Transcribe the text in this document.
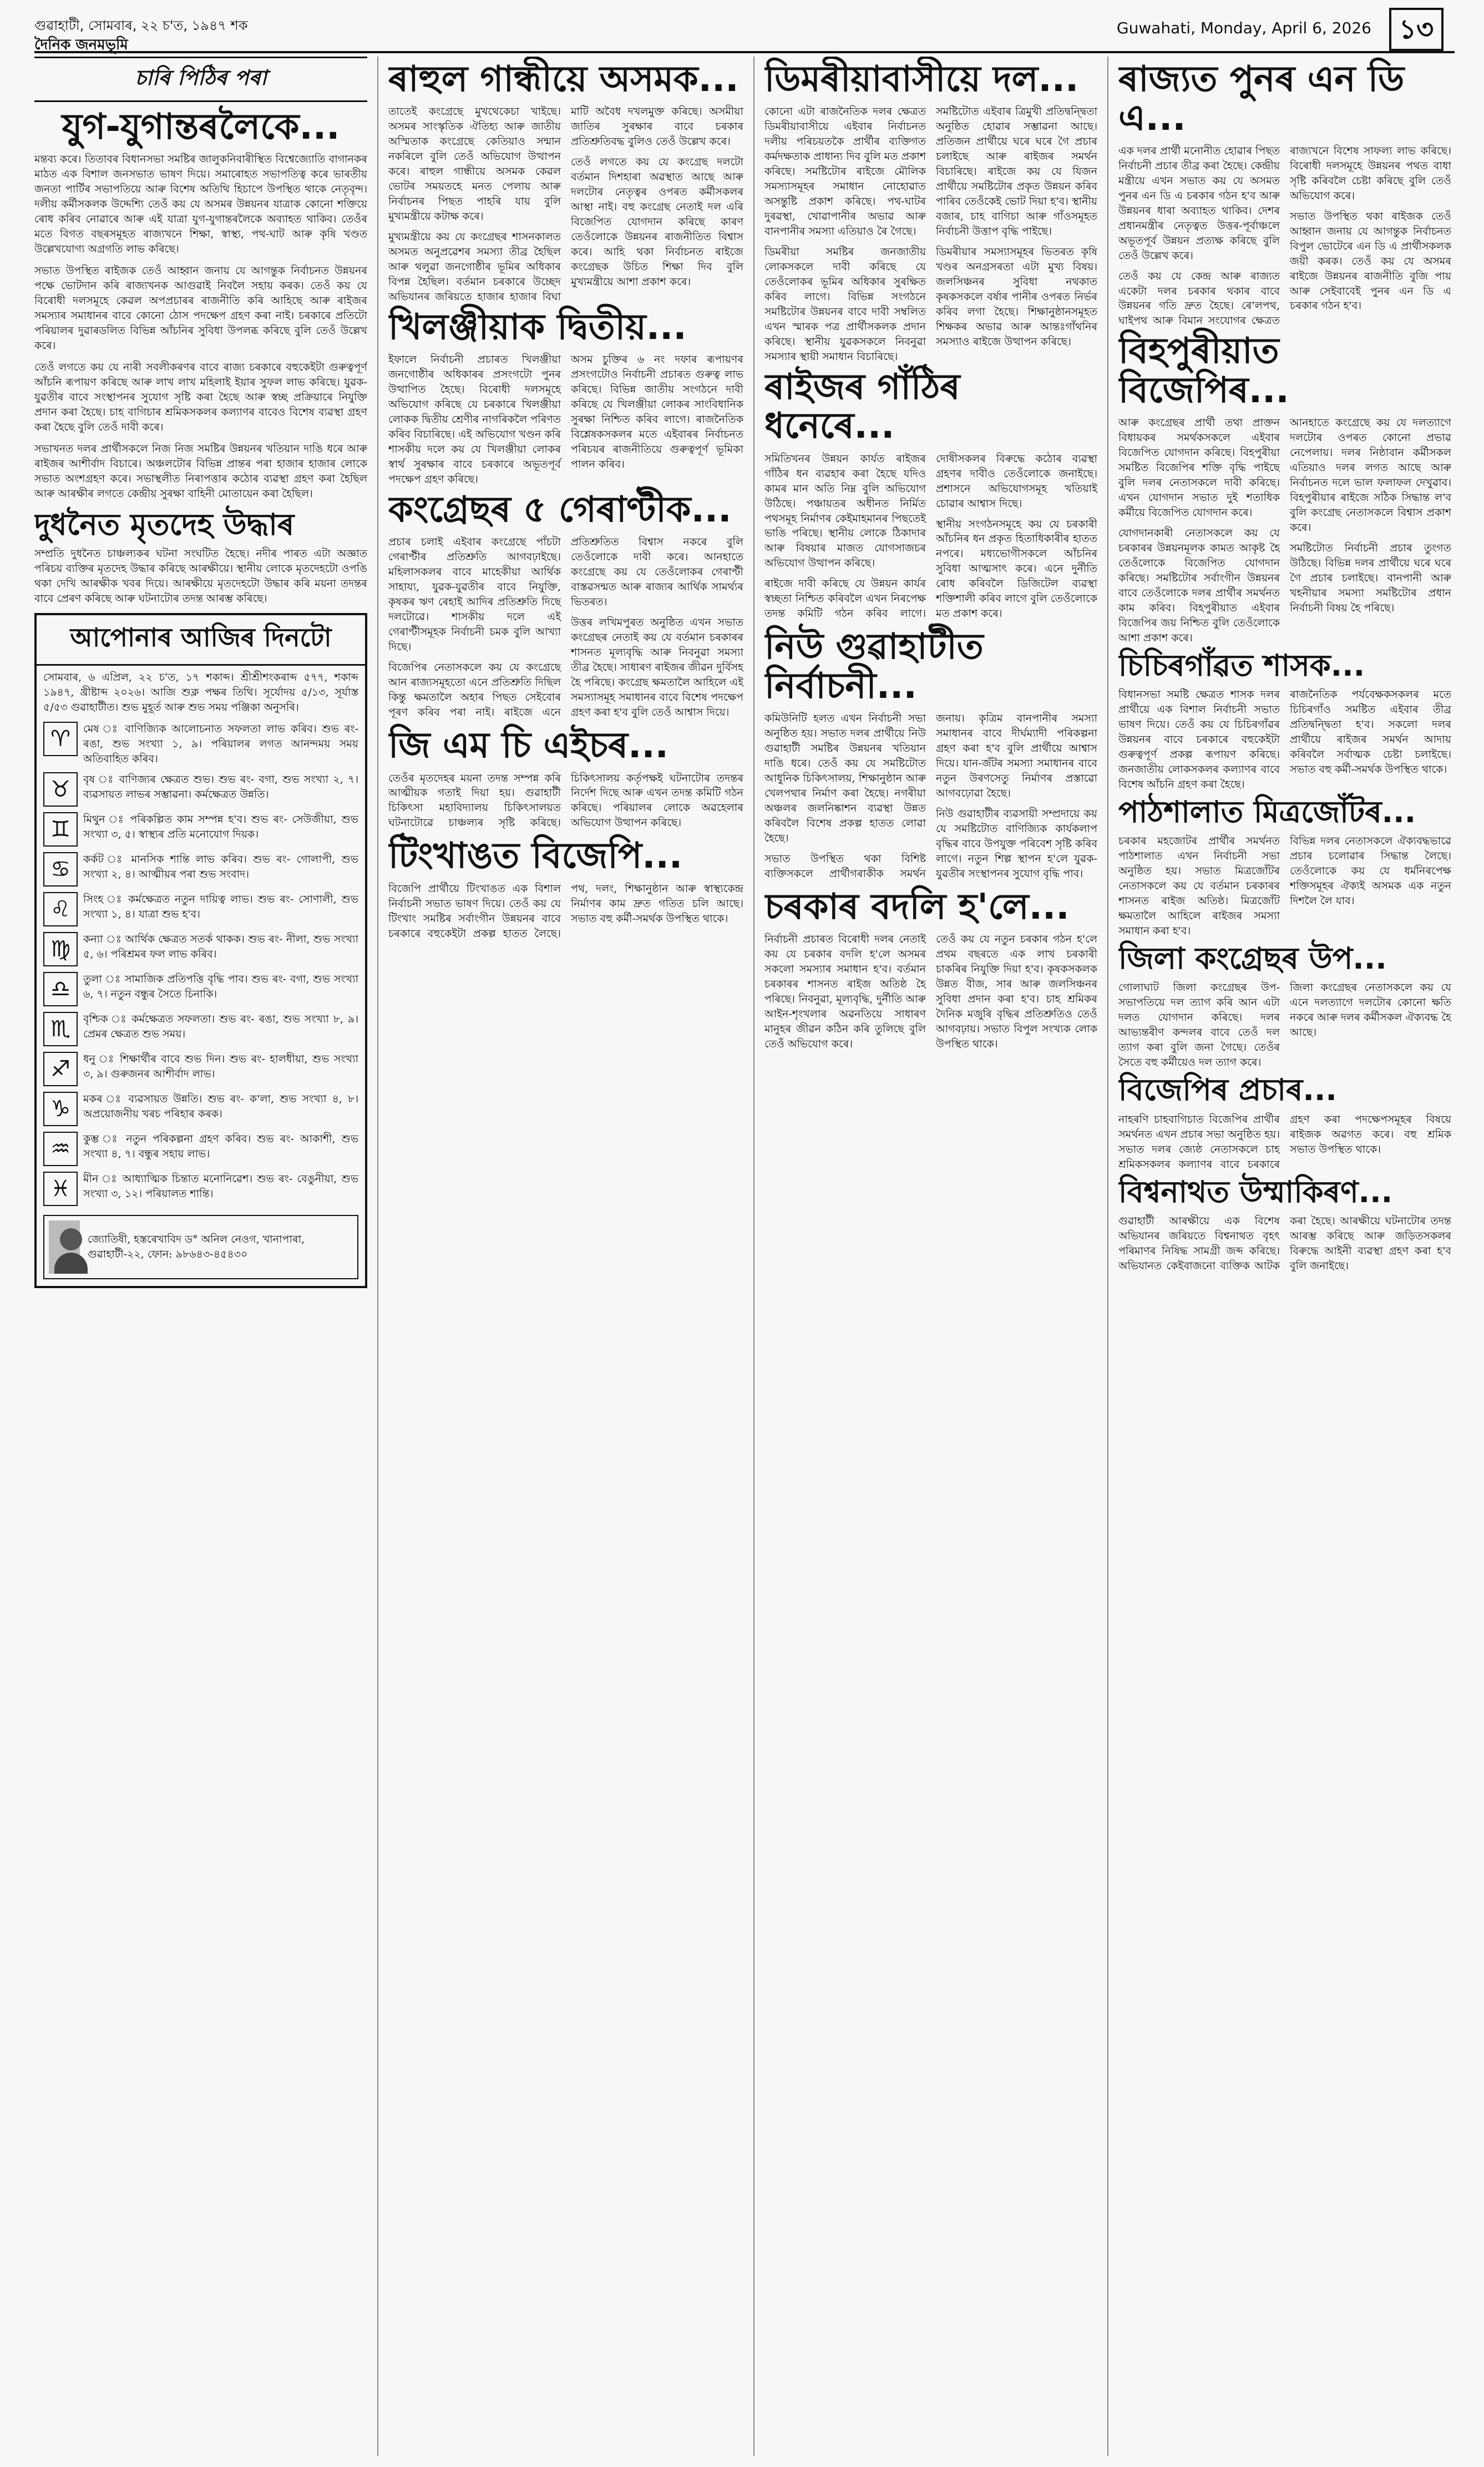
গুৱাহাটী, সোমবাৰ, ২২ চ'ত, ১৯৪৭ শক
দৈনিক জনমভূমি
Guwahati, Monday, April 6, 2026	১৩
চাৰি পিঠিৰ পৰা
যুগ-যুগান্তৰলৈকে...

মন্তব্য কৰে। তিতাবৰ বিধানসভা সমষ্টিৰ জালুকনিবাৰীস্থিত বিশ্বেজ্যোতি বাগানকৰ মাঠত এক বিশাল জনসভাত ভাষণ দিয়ে। সমাৰোহত সভাপতিত্ব কৰে ভাৰতীয় জনতা পাৰ্টিৰ সভাপতিয়ে আৰু বিশেষ অতিথি হিচাপে উপস্থিত থাকে নেতৃবৃন্দ। দলীয় কৰ্মীসকলক উদ্দেশ্যি তেওঁ কয় যে অসমৰ উন্নয়নৰ যাত্ৰাক কোনো শক্তিয়ে ৰোধ কৰিব নোৱাৰে আৰু এই যাত্ৰা যুগ-যুগান্তৰলৈকে অব্যাহত থাকিব। তেওঁৰ মতে বিগত বছৰসমূহত ৰাজ্যখনে শিক্ষা, স্বাস্থ্য, পথ-ঘাট আৰু কৃষি খণ্ডত উল্লেখযোগ্য অগ্ৰগতি লাভ কৰিছে।

সভাত উপস্থিত ৰাইজক তেওঁ আহ্বান জনায় যে আগন্তুক নিৰ্বাচনত উন্নয়নৰ পক্ষে ভোটদান কৰি ৰাজ্যখনক আগুৱাই নিবলৈ সহায় কৰক। তেওঁ কয় যে বিৰোধী দলসমূহে কেৱল অপপ্ৰচাৰৰ ৰাজনীতি কৰি আহিছে আৰু ৰাইজৰ সমস্যাৰ সমাধানৰ বাবে কোনো ঠোস পদক্ষেপ গ্ৰহণ কৰা নাই। চৰকাৰে প্ৰতিটো পৰিয়ালৰ দুৱাৰডলিত বিভিন্ন আঁচনিৰ সুবিধা উপলব্ধ কৰিছে বুলি তেওঁ উল্লেখ কৰে।

তেওঁ লগতে কয় যে নাৰী সবলীকৰণৰ বাবে ৰাজ্য চৰকাৰে বহুকেইটা গুৰুত্বপূৰ্ণ আঁচনি ৰূপায়ণ কৰিছে আৰু লাখ লাখ মহিলাই ইয়াৰ সুফল লাভ কৰিছে। যুৱক-যুৱতীৰ বাবে সংস্থাপনৰ সুযোগ সৃষ্টি কৰা হৈছে আৰু স্বচ্ছ প্ৰক্ৰিয়াৰে নিযুক্তি প্ৰদান কৰা হৈছে। চাহ বাগিচাৰ শ্ৰমিকসকলৰ কল্যাণৰ বাবেও বিশেষ ব্যৱস্থা গ্ৰহণ কৰা হৈছে বুলি তেওঁ দাবী কৰে।

সভাখনত দলৰ প্ৰাৰ্থীসকলে নিজ নিজ সমষ্টিৰ উন্নয়নৰ খতিয়ান দাঙি ধৰে আৰু ৰাইজৰ আশীৰ্বাদ বিচাৰে। অঞ্চলটোৰ বিভিন্ন প্ৰান্তৰ পৰা হাজাৰ হাজাৰ লোকে সভাত অংশগ্ৰহণ কৰে। সভাস্থলীত নিৰাপত্তাৰ কঠোৰ ব্যৱস্থা গ্ৰহণ কৰা হৈছিল আৰু আৰক্ষীৰ লগতে কেন্দ্ৰীয় সুৰক্ষা বাহিনী মোতায়েন কৰা হৈছিল।

দুধনৈত মৃতদেহ উদ্ধাৰ

সম্প্ৰতি দুধনৈত চাঞ্চল্যকৰ ঘটনা সংঘটিত হৈছে। নদীৰ পাৰত এটা অজ্ঞাত পৰিচয় ব্যক্তিৰ মৃতদেহ উদ্ধাৰ কৰিছে আৰক্ষীয়ে। স্থানীয় লোকে মৃতদেহটো ওপঙি থকা দেখি আৰক্ষীক খবৰ দিয়ে। আৰক্ষীয়ে মৃতদেহটো উদ্ধাৰ কৰি ময়না তদন্তৰ বাবে প্ৰেৰণ কৰিছে আৰু ঘটনাটোৰ তদন্ত আৰম্ভ কৰিছে।

আপোনাৰ আজিৰ দিনটো
সোমবাৰ, ৬ এপ্ৰিল, ২২ চ'ত, ১৭ শকাব্দ। শ্ৰীশ্ৰীশংকৰাব্দ ৫৭৭, শকাব্দ ১৯৪৭, খ্ৰীষ্টাব্দ ২০২৬। আজি শুক্ল পক্ষৰ তিথি। সূৰ্যোদয় ৫/১৩, সূৰ্যাস্ত ৫/৫৩ গুৱাহাটীত। শুভ মুহূৰ্ত আৰু শুভ সময় পঞ্জিকা অনুসৰি।
♈	মেষ ঃ বাণিজ্যিক আলোচনাত সফলতা লাভ কৰিব। শুভ ৰং- ৰঙা, শুভ সংখ্যা ১, ৯। পৰিয়ালৰ লগত আনন্দময় সময় অতিবাহিত কৰিব।
♉	বৃষ ঃ বাণিজ্যৰ ক্ষেত্ৰত শুভ। শুভ ৰং- বগা, শুভ সংখ্যা ২, ৭। ব্যৱসায়ত লাভৰ সম্ভাৱনা। কৰ্মক্ষেত্ৰত উন্নতি।
♊	মিথুন ঃ পৰিকল্পিত কাম সম্পন্ন হ'ব। শুভ ৰং- সেউজীয়া, শুভ সংখ্যা ৩, ৫। স্বাস্থ্যৰ প্ৰতি মনোযোগ দিয়ক।
♋	কৰ্কট ঃ মানসিক শান্তি লাভ কৰিব। শুভ ৰং- গোলাপী, শুভ সংখ্যা ২, ৪। আত্মীয়ৰ পৰা শুভ সংবাদ।
♌	সিংহ ঃ কৰ্মক্ষেত্ৰত নতুন দায়িত্ব লাভ। শুভ ৰং- সোণালী, শুভ সংখ্যা ১, ৪। যাত্ৰা শুভ হ'ব।
♍	কন্যা ঃ আৰ্থিক ক্ষেত্ৰত সতৰ্ক থাকক। শুভ ৰং- নীলা, শুভ সংখ্যা ৫, ৬। পৰিশ্ৰমৰ ফল লাভ কৰিব।
♎	তুলা ঃ সামাজিক প্ৰতিপত্তি বৃদ্ধি পাব। শুভ ৰং- বগা, শুভ সংখ্যা ৬, ৭। নতুন বন্ধুৰ সৈতে চিনাকি।
♏	বৃশ্চিক ঃ কৰ্মক্ষেত্ৰত সফলতা। শুভ ৰং- ৰঙা, শুভ সংখ্যা ৮, ৯। প্ৰেমৰ ক্ষেত্ৰত শুভ সময়।
♐	ধনু ঃ শিক্ষাৰ্থীৰ বাবে শুভ দিন। শুভ ৰং- হালধীয়া, শুভ সংখ্যা ৩, ৯। গুৰুজনৰ আশীৰ্বাদ লাভ।
♑	মকৰ ঃ ব্যৱসায়ত উন্নতি। শুভ ৰং- ক'লা, শুভ সংখ্যা ৪, ৮। অপ্ৰয়োজনীয় খৰচ পৰিহাৰ কৰক।
♒	কুম্ভ ঃ নতুন পৰিকল্পনা গ্ৰহণ কৰিব। শুভ ৰং- আকাশী, শুভ সংখ্যা ৪, ৭। বন্ধুৰ সহায় লাভ।
♓	মীন ঃ আধ্যাত্মিক চিন্তাত মনোনিৱেশ। শুভ ৰং- বেঙুনীয়া, শুভ সংখ্যা ৩, ১২। পৰিয়ালত শান্তি।
জ্যোতিষী, হস্তৰেখাবিদ ড° অনিল নেওগ, খানাপাৰা, গুৱাহাটী-২২, ফোন: ৯৮৬৪৩-৪৫৪৩০
ৰাহুল গান্ধীয়ে অসমক...

তাতেই কংগ্ৰেছে মুখথেকেচা খাইছে। অসমৰ সাংস্কৃতিক ঐতিহ্য আৰু জাতীয় অস্মিতাক কংগ্ৰেছে কেতিয়াও সন্মান নকৰিলে বুলি তেওঁ অভিযোগ উত্থাপন কৰে। ৰাহুল গান্ধীয়ে অসমক কেৱল ভোটৰ সময়তহে মনত পেলায় আৰু নিৰ্বাচনৰ পিছত পাহৰি যায় বুলি মুখ্যমন্ত্ৰীয়ে কটাক্ষ কৰে।

মুখ্যমন্ত্ৰীয়ে কয় যে কংগ্ৰেছৰ শাসনকালত অসমত অনুপ্ৰৱেশৰ সমস্যা তীব্ৰ হৈছিল আৰু থলুৱা জনগোষ্ঠীৰ ভূমিৰ অধিকাৰ বিপন্ন হৈছিল। বৰ্তমান চৰকাৰে উচ্ছেদ অভিযানৰ জৰিয়তে হাজাৰ হাজাৰ বিঘা মাটি অবৈধ দখলমুক্ত কৰিছে। অসমীয়া জাতিৰ সুৰক্ষাৰ বাবে চৰকাৰ প্ৰতিশ্ৰুতিবদ্ধ বুলিও তেওঁ উল্লেখ কৰে।

তেওঁ লগতে কয় যে কংগ্ৰেছ দলটো বৰ্তমান দিশহাৰা অৱস্থাত আছে আৰু দলটোৰ নেতৃত্বৰ ওপৰত কৰ্মীসকলৰ আস্থা নাই। বহু কংগ্ৰেছ নেতাই দল এৰি বিজেপিত যোগদান কৰিছে কাৰণ তেওঁলোকে উন্নয়নৰ ৰাজনীতিত বিশ্বাস কৰে। আহি থকা নিৰ্বাচনত ৰাইজে কংগ্ৰেছক উচিত শিক্ষা দিব বুলি মুখ্যমন্ত্ৰীয়ে আশা প্ৰকাশ কৰে।

খিলঞ্জীয়াক দ্বিতীয়...

ইফালে নিৰ্বাচনী প্ৰচাৰত খিলঞ্জীয়া জনগোষ্ঠীৰ অধিকাৰৰ প্ৰসংগটো পুনৰ উত্থাপিত হৈছে। বিৰোধী দলসমূহে অভিযোগ কৰিছে যে চৰকাৰে খিলঞ্জীয়া লোকক দ্বিতীয় শ্ৰেণীৰ নাগৰিকলৈ পৰিণত কৰিব বিচাৰিছে। এই অভিযোগ খণ্ডন কৰি শাসকীয় দলে কয় যে খিলঞ্জীয়া লোকৰ স্বাৰ্থ সুৰক্ষাৰ বাবে চৰকাৰে অভূতপূৰ্ব পদক্ষেপ গ্ৰহণ কৰিছে।

অসম চুক্তিৰ ৬ নং দফাৰ ৰূপায়ণৰ প্ৰসংগটোও নিৰ্বাচনী প্ৰচাৰত গুৰুত্ব লাভ কৰিছে। বিভিন্ন জাতীয় সংগঠনে দাবী কৰিছে যে খিলঞ্জীয়া লোকৰ সাংবিধানিক সুৰক্ষা নিশ্চিত কৰিব লাগে। ৰাজনৈতিক বিশ্লেষকসকলৰ মতে এইবাৰৰ নিৰ্বাচনত পৰিচয়ৰ ৰাজনীতিয়ে গুৰুত্বপূৰ্ণ ভূমিকা পালন কৰিব।

কংগ্ৰেছৰ ৫ গেৰাণ্টীক...

প্ৰচাৰ চলাই এইবাৰ কংগ্ৰেছে পাঁচটা গেৰাণ্টীৰ প্ৰতিশ্ৰুতি আগবঢ়াইছে। মহিলাসকলৰ বাবে মাহেকীয়া আৰ্থিক সাহায্য, যুৱক-যুৱতীৰ বাবে নিযুক্তি, কৃষকৰ ঋণ ৰেহাই আদিৰ প্ৰতিশ্ৰুতি দিছে দলটোৱে। শাসকীয় দলে এই গেৰাণ্টীসমূহক নিৰ্বাচনী চমক বুলি আখ্যা দিছে।

বিজেপিৰ নেতাসকলে কয় যে কংগ্ৰেছে আন ৰাজ্যসমূহতো এনে প্ৰতিশ্ৰুতি দিছিল কিন্তু ক্ষমতালৈ অহাৰ পিছত সেইবোৰ পূৰণ কৰিব পৰা নাই। ৰাইজে এনে প্ৰতিশ্ৰুতিত বিশ্বাস নকৰে বুলি তেওঁলোকে দাবী কৰে। আনহাতে কংগ্ৰেছে কয় যে তেওঁলোকৰ গেৰাণ্টী বাস্তৱসন্মত আৰু ৰাজ্যৰ আৰ্থিক সামৰ্থ্যৰ ভিতৰত।

উত্তৰ লখিমপুৰত অনুষ্ঠিত এখন সভাত কংগ্ৰেছৰ নেতাই কয় যে বৰ্তমান চৰকাৰৰ শাসনত মূল্যবৃদ্ধি আৰু নিবনুৱা সমস্যা তীব্ৰ হৈছে। সাধাৰণ ৰাইজৰ জীৱন দুৰ্বিসহ হৈ পৰিছে। কংগ্ৰেছ ক্ষমতালৈ আহিলে এই সমস্যাসমূহ সমাধানৰ বাবে বিশেষ পদক্ষেপ গ্ৰহণ কৰা হ'ব বুলি তেওঁ আশ্বাস দিয়ে।

জি এম চি এইচৰ...

তেওঁৰ মৃতদেহৰ ময়না তদন্ত সম্পন্ন কৰি আত্মীয়ক গতাই দিয়া হয়। গুৱাহাটী চিকিৎসা মহাবিদ্যালয় চিকিৎসালয়ত ঘটনাটোৱে চাঞ্চল্যৰ সৃষ্টি কৰিছে। চিকিৎসালয় কৰ্তৃপক্ষই ঘটনাটোৰ তদন্তৰ নিৰ্দেশ দিছে আৰু এখন তদন্ত কমিটি গঠন কৰিছে। পৰিয়ালৰ লোকে অৱহেলাৰ অভিযোগ উত্থাপন কৰিছে।

টিংখাঙত বিজেপি...

বিজেপি প্ৰাৰ্থীয়ে টিংখাঙত এক বিশাল নিৰ্বাচনী সভাত ভাষণ দিয়ে। তেওঁ কয় যে টিংখাং সমষ্টিৰ সৰ্বাংগীন উন্নয়নৰ বাবে চৰকাৰে বহুকেইটা প্ৰকল্প হাতত লৈছে। পথ, দলং, শিক্ষানুষ্ঠান আৰু স্বাস্থ্যকেন্দ্ৰ নিৰ্মাণৰ কাম দ্ৰুত গতিত চলি আছে। সভাত বহু কৰ্মী-সমৰ্থক উপস্থিত থাকে।

ডিমৰীয়াবাসীয়ে দল...

কোনো এটা ৰাজনৈতিক দলৰ ক্ষেত্ৰত ডিমৰীয়াবাসীয়ে এইবাৰ নিৰ্বাচনত দলীয় পৰিচয়তকৈ প্ৰাৰ্থীৰ ব্যক্তিগত কৰ্মদক্ষতাক প্ৰাধান্য দিব বুলি মত প্ৰকাশ কৰিছে। সমষ্টিটোৰ ৰাইজে মৌলিক সমস্যাসমূহৰ সমাধান নোহোৱাত অসন্তুষ্টি প্ৰকাশ কৰিছে। পথ-ঘাটৰ দুৰৱস্থা, খোৱাপানীৰ অভাৱ আৰু বানপানীৰ সমস্যা এতিয়াও ৰৈ গৈছে।

ডিমৰীয়া সমষ্টিৰ জনজাতীয় লোকসকলে দাবী কৰিছে যে তেওঁলোকৰ ভূমিৰ অধিকাৰ সুৰক্ষিত কৰিব লাগে। বিভিন্ন সংগঠনে সমষ্টিটোৰ উন্নয়নৰ বাবে দাবী সম্বলিত এখন স্মাৰক পত্ৰ প্ৰাৰ্থীসকলক প্ৰদান কৰিছে। স্থানীয় যুৱকসকলে নিবনুৱা সমস্যাৰ স্থায়ী সমাধান বিচাৰিছে।

সমষ্টিটোত এইবাৰ ত্ৰিমুখী প্ৰতিদ্বন্দ্বিতা অনুষ্ঠিত হোৱাৰ সম্ভাৱনা আছে। প্ৰতিজন প্ৰাৰ্থীয়ে ঘৰে ঘৰে গৈ প্ৰচাৰ চলাইছে আৰু ৰাইজৰ সমৰ্থন বিচাৰিছে। ৰাইজে কয় যে যিজন প্ৰাৰ্থীয়ে সমষ্টিটোৰ প্ৰকৃত উন্নয়ন কৰিব পাৰিব তেওঁকেই ভোট দিয়া হ'ব। স্থানীয় বজাৰ, চাহ বাগিচা আৰু গাঁওসমূহত নিৰ্বাচনী উত্তাপ বৃদ্ধি পাইছে।

ডিমৰীয়াৰ সমস্যাসমূহৰ ভিতৰত কৃষি খণ্ডৰ অনগ্ৰসৰতা এটা মুখ্য বিষয়। জলসিঞ্চনৰ সুবিধা নথকাত কৃষকসকলে বৰ্ষাৰ পানীৰ ওপৰত নিৰ্ভৰ কৰিব লগা হৈছে। শিক্ষানুষ্ঠানসমূহত শিক্ষকৰ অভাৱ আৰু আন্তঃগাঁথনিৰ সমস্যাও ৰাইজে উত্থাপন কৰিছে।

ৰাইজৰ গাঁঠিৰ ধনেৰে...

সমিতিখনৰ উন্নয়ন কাৰ্যত ৰাইজৰ গাঁঠিৰ ধন ব্যৱহাৰ কৰা হৈছে যদিও কামৰ মান অতি নিম্ন বুলি অভিযোগ উঠিছে। পঞ্চায়তৰ অধীনত নিৰ্মিত পথসমূহ নিৰ্মাণৰ কেইমাহমানৰ পিছতেই ভাঙি পৰিছে। স্থানীয় লোকে ঠিকাদাৰ আৰু বিষয়াৰ মাজত যোগসাজচৰ অভিযোগ উত্থাপন কৰিছে।

ৰাইজে দাবী কৰিছে যে উন্নয়ন কাৰ্যৰ স্বচ্ছতা নিশ্চিত কৰিবলৈ এখন নিৰপেক্ষ তদন্ত কমিটি গঠন কৰিব লাগে। দোষীসকলৰ বিৰুদ্ধে কঠোৰ ব্যৱস্থা গ্ৰহণৰ দাবীও তেওঁলোকে জনাইছে। প্ৰশাসনে অভিযোগসমূহ খতিয়াই চোৱাৰ আশ্বাস দিছে।

স্থানীয় সংগঠনসমূহে কয় যে চৰকাৰী আঁচনিৰ ধন প্ৰকৃত হিতাধিকাৰীৰ হাতত নপৰে। মধ্যভোগীসকলে আঁচনিৰ সুবিধা আত্মসাৎ কৰে। এনে দুৰ্নীতি ৰোধ কৰিবলৈ ডিজিটেল ব্যৱস্থা শক্তিশালী কৰিব লাগে বুলি তেওঁলোকে মত প্ৰকাশ কৰে।

নিউ গুৱাহাটীত নিৰ্বাচনী...

কমিউনিটি হলত এখন নিৰ্বাচনী সভা অনুষ্ঠিত হয়। সভাত দলৰ প্ৰাৰ্থীয়ে নিউ গুৱাহাটী সমষ্টিৰ উন্নয়নৰ খতিয়ান দাঙি ধৰে। তেওঁ কয় যে সমষ্টিটোত আধুনিক চিকিৎসালয়, শিক্ষানুষ্ঠান আৰু খেলপথাৰ নিৰ্মাণ কৰা হৈছে। নগৰীয়া অঞ্চলৰ জলনিষ্কাশন ব্যৱস্থা উন্নত কৰিবলৈ বিশেষ প্ৰকল্প হাতত লোৱা হৈছে।

সভাত উপস্থিত থকা বিশিষ্ট ব্যক্তিসকলে প্ৰাৰ্থীগৰাকীক সমৰ্থন জনায়। কৃত্ৰিম বানপানীৰ সমস্যা সমাধানৰ বাবে দীৰ্ঘম্যাদী পৰিকল্পনা গ্ৰহণ কৰা হ'ব বুলি প্ৰাৰ্থীয়ে আশ্বাস দিয়ে। যান-জঁটৰ সমস্যা সমাধানৰ বাবে নতুন উৰণসেতু নিৰ্মাণৰ প্ৰস্তাৱো আগবঢ়োৱা হৈছে।

নিউ গুৱাহাটীৰ ব্যৱসায়ী সম্প্ৰদায়ে কয় যে সমষ্টিটোত বাণিজ্যিক কাৰ্যকলাপ বৃদ্ধিৰ বাবে উপযুক্ত পৰিবেশ সৃষ্টি কৰিব লাগে। নতুন শিল্প স্থাপন হ'লে যুৱক-যুৱতীৰ সংস্থাপনৰ সুযোগ বৃদ্ধি পাব।

চৰকাৰ বদলি হ'লে...

নিৰ্বাচনী প্ৰচাৰত বিৰোধী দলৰ নেতাই কয় যে চৰকাৰ বদলি হ'লে অসমৰ সকলো সমস্যাৰ সমাধান হ'ব। বৰ্তমান চৰকাৰৰ শাসনত ৰাইজ অতিষ্ঠ হৈ পৰিছে। নিবনুৱা, মূল্যবৃদ্ধি, দুৰ্নীতি আৰু আইন-শৃংখলাৰ অৱনতিয়ে সাধাৰণ মানুহৰ জীৱন কঠিন কৰি তুলিছে বুলি তেওঁ অভিযোগ কৰে।

তেওঁ কয় যে নতুন চৰকাৰ গঠন হ'লে প্ৰথম বছৰতে এক লাখ চৰকাৰী চাকৰিৰ নিযুক্তি দিয়া হ'ব। কৃষকসকলক উন্নত বীজ, সাৰ আৰু জলসিঞ্চনৰ সুবিধা প্ৰদান কৰা হ'ব। চাহ শ্ৰমিকৰ দৈনিক মজুৰি বৃদ্ধিৰ প্ৰতিশ্ৰুতিও তেওঁ আগবঢ়ায়। সভাত বিপুল সংখ্যক লোক উপস্থিত থাকে।

ৰাজ্যত পুনৰ এন ডি এ...

এক দলৰ প্ৰাৰ্থী মনোনীত হোৱাৰ পিছত নিৰ্বাচনী প্ৰচাৰ তীব্ৰ কৰা হৈছে। কেন্দ্ৰীয় মন্ত্ৰীয়ে এখন সভাত কয় যে অসমত পুনৰ এন ডি এ চৰকাৰ গঠন হ'ব আৰু উন্নয়নৰ ধাৰা অব্যাহত থাকিব। দেশৰ প্ৰধানমন্ত্ৰীৰ নেতৃত্বত উত্তৰ-পূৰ্বাঞ্চলে অভূতপূৰ্ব উন্নয়ন প্ৰত্যক্ষ কৰিছে বুলি তেওঁ উল্লেখ কৰে।

তেওঁ কয় যে কেন্দ্ৰ আৰু ৰাজ্যত একেটা দলৰ চৰকাৰ থকাৰ বাবে উন্নয়নৰ গতি দ্ৰুত হৈছে। ৰে'লপথ, ঘাইপথ আৰু বিমান সংযোগৰ ক্ষেত্ৰত ৰাজ্যখনে বিশেষ সাফল্য লাভ কৰিছে। বিৰোধী দলসমূহে উন্নয়নৰ পথত বাধা সৃষ্টি কৰিবলৈ চেষ্টা কৰিছে বুলি তেওঁ অভিযোগ কৰে।

সভাত উপস্থিত থকা ৰাইজক তেওঁ আহ্বান জনায় যে আগন্তুক নিৰ্বাচনত বিপুল ভোটেৰে এন ডি এ প্ৰাৰ্থীসকলক জয়ী কৰক। তেওঁ কয় যে অসমৰ ৰাইজে উন্নয়নৰ ৰাজনীতি বুজি পায় আৰু সেইবাবেই পুনৰ এন ডি এ চৰকাৰ গঠন হ'ব।

বিহপুৰীয়াত বিজেপিৰ...

আৰু কংগ্ৰেছৰ প্ৰাৰ্থী তথা প্ৰাক্তন বিধায়কৰ সমৰ্থকসকলে এইবাৰ বিজেপিত যোগদান কৰিছে। বিহপুৰীয়া সমষ্টিত বিজেপিৰ শক্তি বৃদ্ধি পাইছে বুলি দলৰ নেতাসকলে দাবী কৰিছে। এখন যোগদান সভাত দুই শতাধিক কৰ্মীয়ে বিজেপিত যোগদান কৰে।

যোগদানকাৰী নেতাসকলে কয় যে চৰকাৰৰ উন্নয়নমূলক কামত আকৃষ্ট হৈ তেওঁলোকে বিজেপিত যোগদান কৰিছে। সমষ্টিটোৰ সৰ্বাংগীন উন্নয়নৰ বাবে তেওঁলোকে দলৰ প্ৰাৰ্থীৰ সমৰ্থনত কাম কৰিব। বিহপুৰীয়াত এইবাৰ বিজেপিৰ জয় নিশ্চিত বুলি তেওঁলোকে আশা প্ৰকাশ কৰে।

আনহাতে কংগ্ৰেছে কয় যে দলত্যাগে দলটোৰ ওপৰত কোনো প্ৰভাৱ নেপেলায়। দলৰ নিষ্ঠাবান কৰ্মীসকল এতিয়াও দলৰ লগত আছে আৰু নিৰ্বাচনত দলে ভাল ফলাফল দেখুৱাব। বিহপুৰীয়াৰ ৰাইজে সঠিক সিদ্ধান্ত ল'ব বুলি কংগ্ৰেছ নেতাসকলে বিশ্বাস প্ৰকাশ কৰে।

সমষ্টিটোত নিৰ্বাচনী প্ৰচাৰ তুংগত উঠিছে। বিভিন্ন দলৰ প্ৰাৰ্থীয়ে ঘৰে ঘৰে গৈ প্ৰচাৰ চলাইছে। বানপানী আৰু খহনীয়াৰ সমস্যা সমষ্টিটোৰ প্ৰধান নিৰ্বাচনী বিষয় হৈ পৰিছে।

চিচিৰগাঁৱত শাসক...

বিধানসভা সমষ্টি ক্ষেত্ৰত শাসক দলৰ প্ৰাৰ্থীয়ে এক বিশাল নিৰ্বাচনী সভাত ভাষণ দিয়ে। তেওঁ কয় যে চিচিৰগাঁৱৰ উন্নয়নৰ বাবে চৰকাৰে বহুকেইটা গুৰুত্বপূৰ্ণ প্ৰকল্প ৰূপায়ণ কৰিছে। জনজাতীয় লোকসকলৰ কল্যাণৰ বাবে বিশেষ আঁচনি গ্ৰহণ কৰা হৈছে।

ৰাজনৈতিক পৰ্যবেক্ষকসকলৰ মতে চিচিৰগাঁও সমষ্টিত এইবাৰ তীব্ৰ প্ৰতিদ্বন্দ্বিতা হ'ব। সকলো দলৰ প্ৰাৰ্থীয়ে ৰাইজৰ সমৰ্থন আদায় কৰিবলৈ সৰ্বাত্মক চেষ্টা চলাইছে। সভাত বহু কৰ্মী-সমৰ্থক উপস্থিত থাকে।

পাঠশালাত মিত্ৰজোঁটৰ...

চৰকাৰ মহজোটৰ প্ৰাৰ্থীৰ সমৰ্থনত পাঠশালাত এখন নিৰ্বাচনী সভা অনুষ্ঠিত হয়। সভাত মিত্ৰজোঁটৰ নেতাসকলে কয় যে বৰ্তমান চৰকাৰৰ শাসনত ৰাইজ অতিষ্ঠ। মিত্ৰজোঁট ক্ষমতালৈ আহিলে ৰাইজৰ সমস্যা সমাধান কৰা হ'ব।

বিভিন্ন দলৰ নেতাসকলে ঐক্যবদ্ধভাৱে প্ৰচাৰ চলোৱাৰ সিদ্ধান্ত লৈছে। তেওঁলোকে কয় যে ধৰ্মনিৰপেক্ষ শক্তিসমূহৰ ঐক্যই অসমক এক নতুন দিশলৈ লৈ যাব।

জিলা কংগ্ৰেছৰ উপ...

গোলাঘাট জিলা কংগ্ৰেছৰ উপ-সভাপতিয়ে দল ত্যাগ কৰি আন এটা দলত যোগদান কৰিছে। দলৰ আভ্যন্তৰীণ কন্দলৰ বাবে তেওঁ দল ত্যাগ কৰা বুলি জনা গৈছে। তেওঁৰ সৈতে বহু কৰ্মীয়েও দল ত্যাগ কৰে।

জিলা কংগ্ৰেছৰ নেতাসকলে কয় যে এনে দলত্যাগে দলটোৰ কোনো ক্ষতি নকৰে আৰু দলৰ কৰ্মীসকল ঐক্যবদ্ধ হৈ আছে।

বিজেপিৰ প্ৰচাৰ...

নাহৰণি চাহবাগিচাত বিজেপিৰ প্ৰাৰ্থীৰ সমৰ্থনত এখন প্ৰচাৰ সভা অনুষ্ঠিত হয়। সভাত দলৰ জ্যেষ্ঠ নেতাসকলে চাহ শ্ৰমিকসকলৰ কল্যাণৰ বাবে চৰকাৰে গ্ৰহণ কৰা পদক্ষেপসমূহৰ বিষয়ে ৰাইজক অৱগত কৰে। বহু শ্ৰমিক সভাত উপস্থিত থাকে।

বিশ্বনাথত উম্মাকিৰণ...

গুৱাহাটী আৰক্ষীয়ে এক বিশেষ অভিযানৰ জৰিয়তে বিশ্বনাথত বৃহৎ পৰিমাণৰ নিষিদ্ধ সামগ্ৰী জব্দ কৰিছে। অভিযানত কেইবাজনো ব্যক্তিক আটক কৰা হৈছে। আৰক্ষীয়ে ঘটনাটোৰ তদন্ত আৰম্ভ কৰিছে আৰু জড়িতসকলৰ বিৰুদ্ধে আইনী ব্যৱস্থা গ্ৰহণ কৰা হ'ব বুলি জনাইছে।
